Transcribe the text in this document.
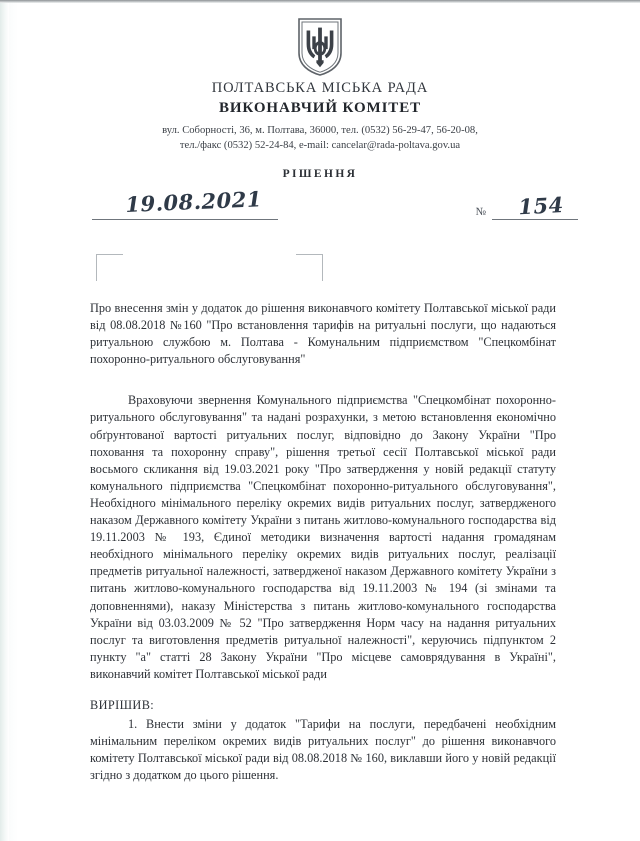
ПОЛТАВСЬКА МІСЬКА РАДА
ВИКОНАВЧИЙ КОМІТЕТ
вул. Соборності, 36, м. Полтава, 36000, тел. (0532) 56-29-47, 56-20-08,
тел./факс (0532) 52-24-84, e-mail: cancelar@rada-poltava.gov.ua
РІШЕННЯ
19.08.2021	№ 154

Про внесення змін у додаток до рішення виконавчого комітету Полтавської міської ради від 08.08.2018 №160 "Про встановлення тарифів на ритуальні послуги, що надаються ритуальною службою м. Полтава - Комунальним підприємством "Спецкомбінат похоронно-ритуального обслуговування"

Враховуючи звернення Комунального підприємства "Спецкомбінат похоронно-ритуального обслуговування" та надані розрахунки, з метою встановлення економічно обґрунтованої вартості ритуальних послуг, відповідно до Закону України "Про поховання та похоронну справу", рішення третьої сесії Полтавської міської ради восьмого скликання від 19.03.2021 року "Про затвердження у новій редакції статуту комунального підприємства "Спецкомбінат похоронно-ритуального обслуговування", Необхідного мінімального переліку окремих видів ритуальних послуг, затвердженого наказом Державного комітету України з питань житлово-комунального господарства від 19.11.2003 № 193, Єдиної методики визначення вартості надання громадянам необхідного мінімального переліку окремих видів ритуальних послуг, реалізації предметів ритуальної належності, затвердженої наказом Державного комітету України з питань житлово-комунального господарства від 19.11.2003 № 194 (зі змінами та доповненнями), наказу Міністерства з питань житлово-комунального господарства України від 03.03.2009 № 52 "Про затвердження Норм часу на надання ритуальних послуг та виготовлення предметів ритуальної належності", керуючись підпунктом 2 пункту "а" статті 28 Закону України "Про місцеве самоврядування в Україні", виконавчий комітет Полтавської міської ради

ВИРІШИВ:

1. Внести зміни у додаток "Тарифи на послуги, передбачені необхідним мінімальним переліком окремих видів ритуальних послуг" до рішення виконавчого комітету Полтавської міської ради від 08.08.2018 № 160, виклавши його у новій редакції згідно з додатком до цього рішення.
